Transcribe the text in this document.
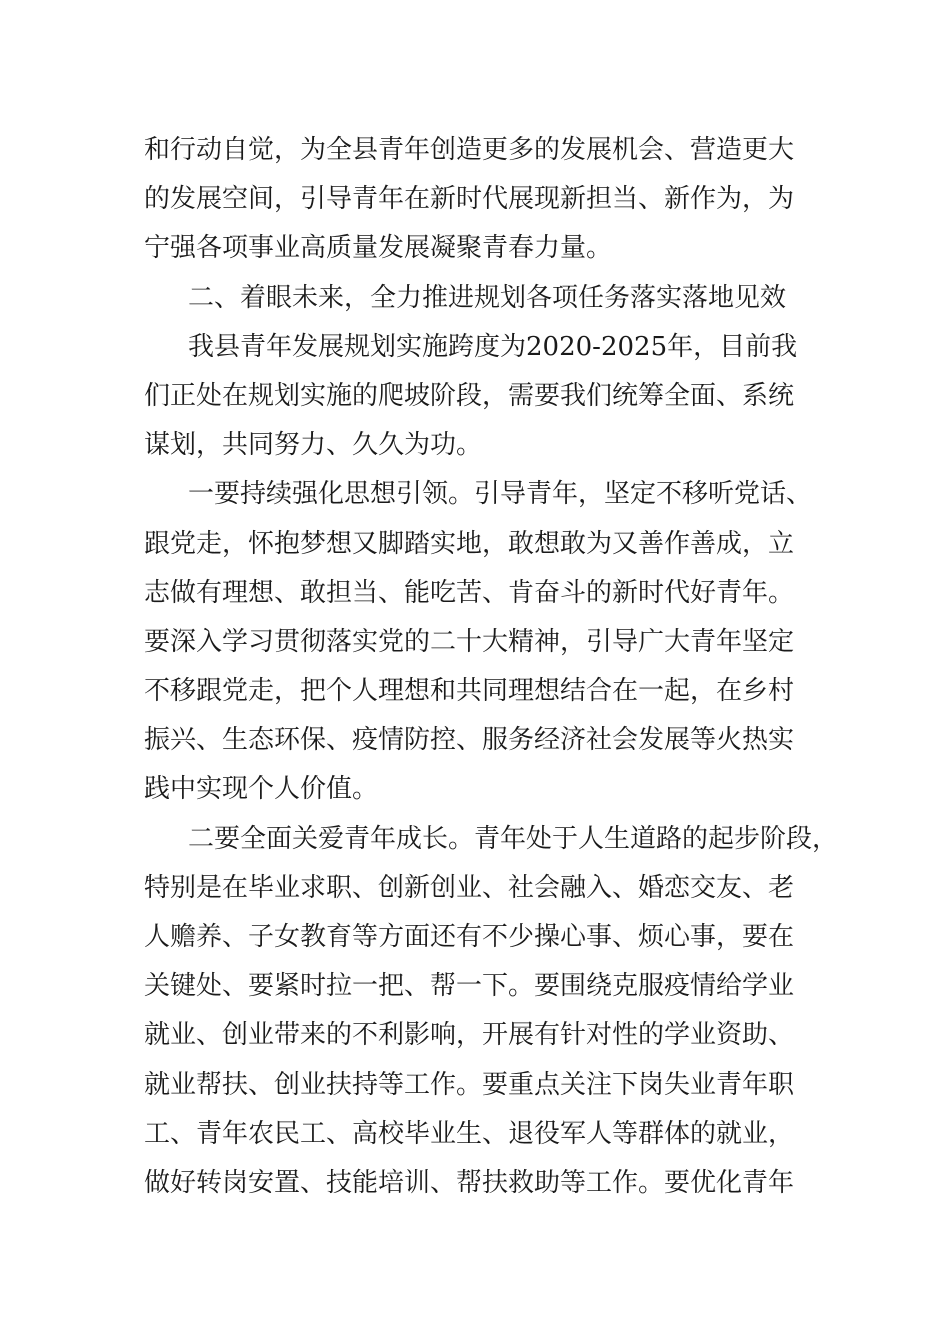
和行动自觉，为全县青年创造更多的发展机会、营造更大
的发展空间，引导青年在新时代展现新担当、新作为，为
宁强各项事业高质量发展凝聚青春力量。
二、着眼未来，全力推进规划各项任务落实落地见效
我县青年发展规划实施跨度为2020-2025年，目前我
们正处在规划实施的爬坡阶段，需要我们统筹全面、系统
谋划，共同努力、久久为功。
一要持续强化思想引领。引导青年，坚定不移听党话、
跟党走，怀抱梦想又脚踏实地，敢想敢为又善作善成，立
志做有理想、敢担当、能吃苦、肯奋斗的新时代好青年。
要深入学习贯彻落实党的二十大精神，引导广大青年坚定
不移跟党走，把个人理想和共同理想结合在一起，在乡村
振兴、生态环保、疫情防控、服务经济社会发展等火热实
践中实现个人价值。
二要全面关爱青年成长。青年处于人生道路的起步阶段，
特别是在毕业求职、创新创业、社会融入、婚恋交友、老
人赡养、子女教育等方面还有不少操心事、烦心事，要在
关键处、要紧时拉一把、帮一下。要围绕克服疫情给学业
就业、创业带来的不利影响，开展有针对性的学业资助、
就业帮扶、创业扶持等工作。要重点关注下岗失业青年职
工、青年农民工、高校毕业生、退役军人等群体的就业，
做好转岗安置、技能培训、帮扶救助等工作。要优化青年
